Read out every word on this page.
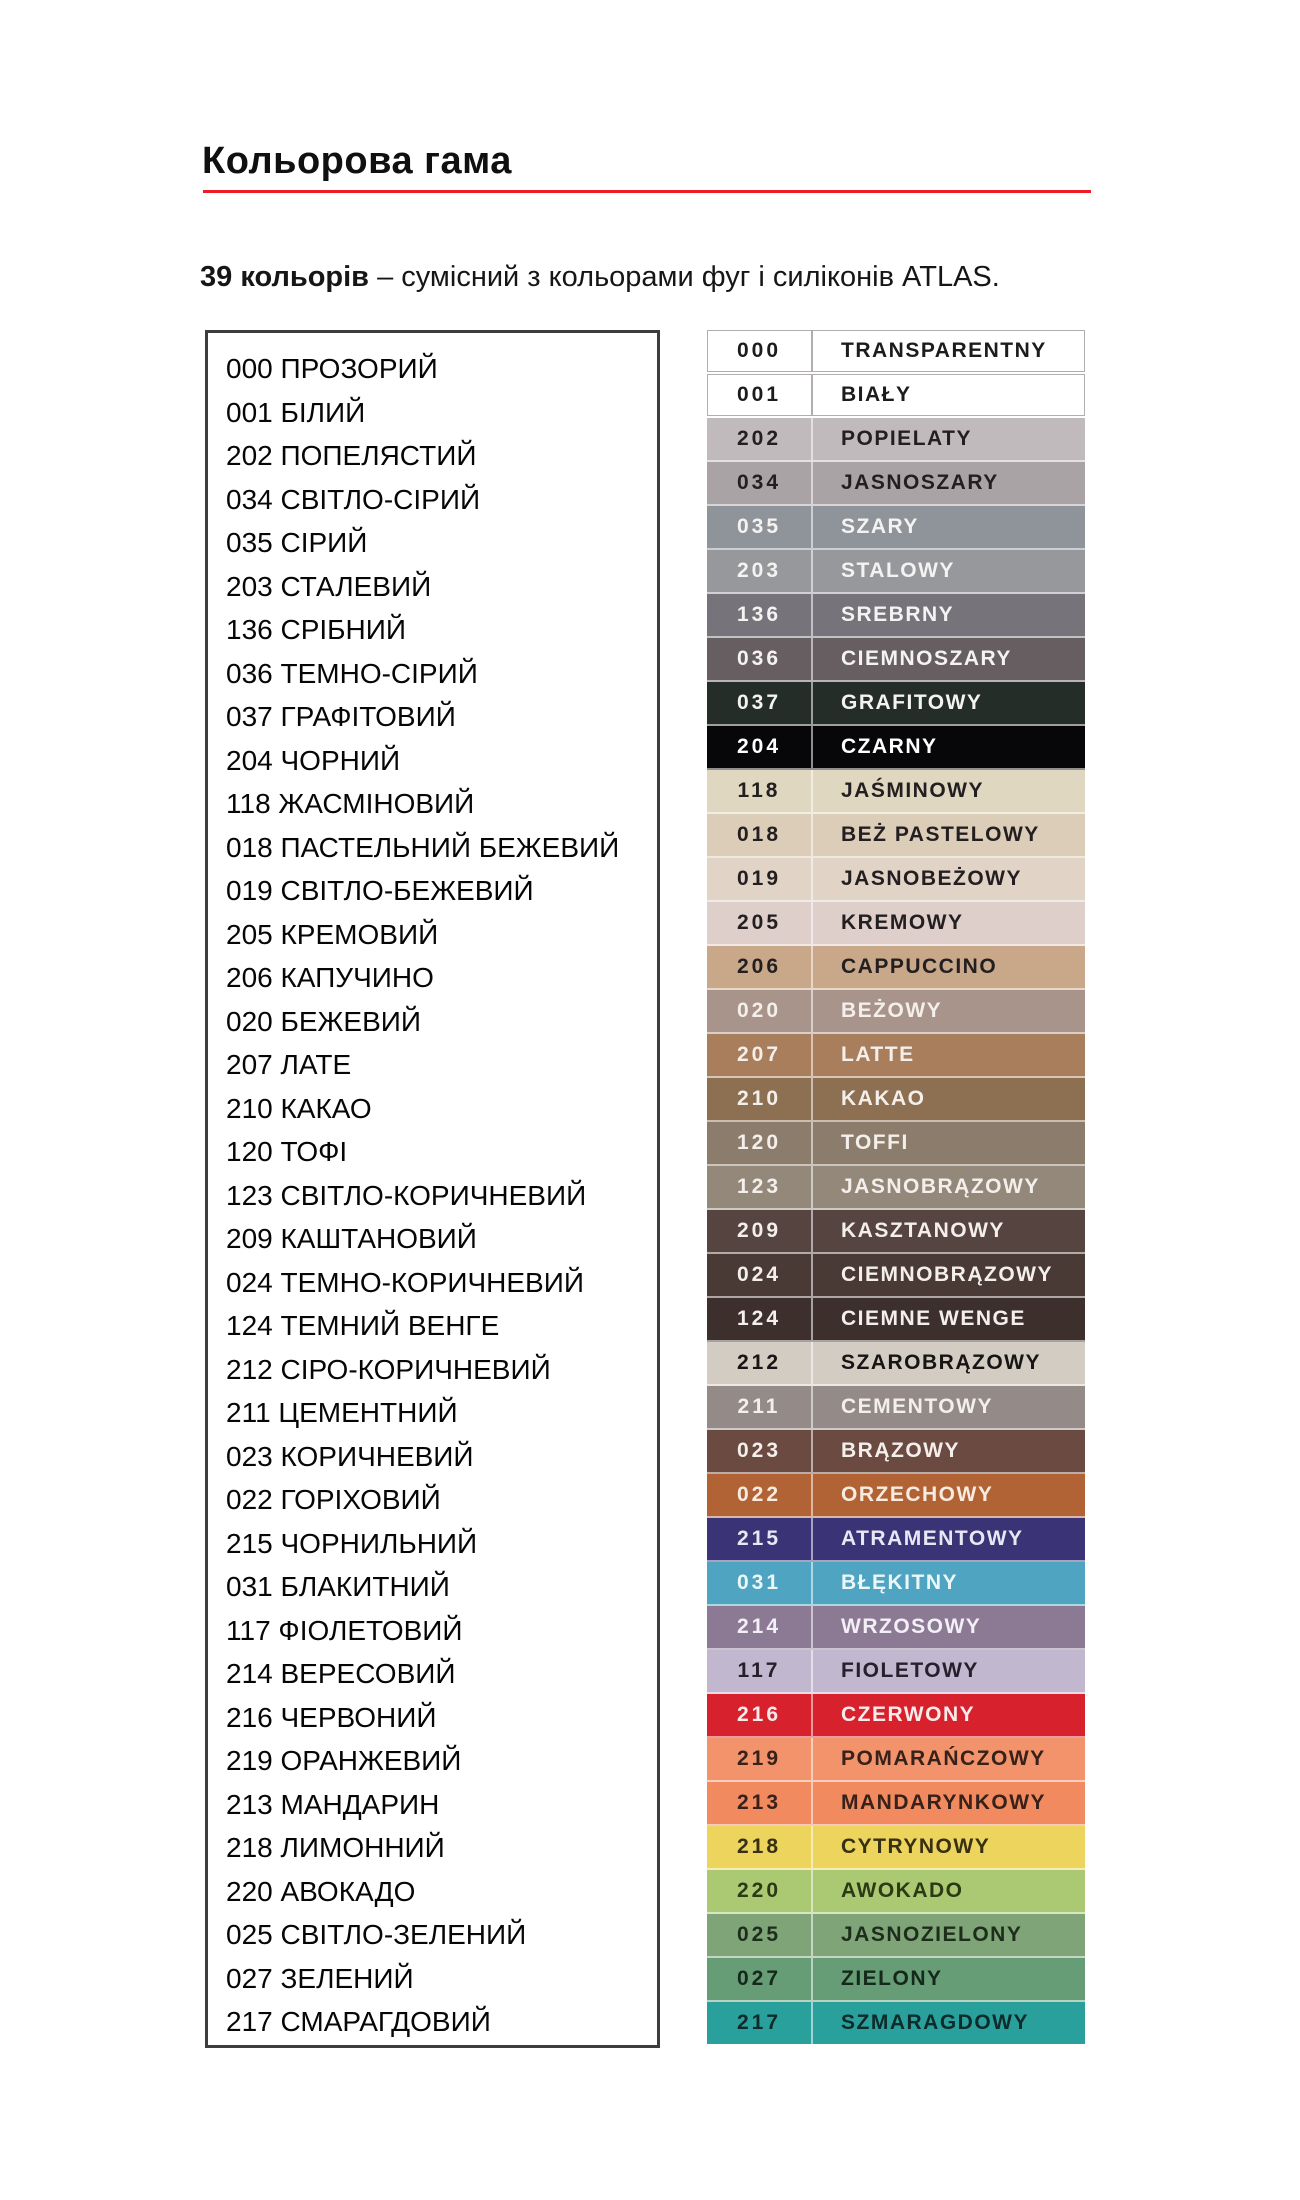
Кольорова гама

39 кольорів – сумісний з кольорами фуг і силіконів ATLAS.

000 ПРОЗОРИЙ
001 БІЛИЙ
202 ПОПЕЛЯСТИЙ
034 СВІТЛО-СІРИЙ
035 СІРИЙ
203 СТАЛЕВИЙ
136 СРІБНИЙ
036 ТЕМНО-СІРИЙ
037 ГРАФІТОВИЙ
204 ЧОРНИЙ
118 ЖАСМІНОВИЙ
018 ПАСТЕЛЬНИЙ БЕЖЕВИЙ
019 СВІТЛО-БЕЖЕВИЙ
205 КРЕМОВИЙ
206 КАПУЧИНО
020 БЕЖЕВИЙ
207 ЛАТЕ
210 КАКАО
120 ТОФІ
123 СВІТЛО-КОРИЧНЕВИЙ
209 КАШТАНОВИЙ
024 ТЕМНО-КОРИЧНЕВИЙ
124 ТЕМНИЙ ВЕНГЕ
212 СІРО-КОРИЧНЕВИЙ
211 ЦЕМЕНТНИЙ
023 КОРИЧНЕВИЙ
022 ГОРІХОВИЙ
215 ЧОРНИЛЬНИЙ
031 БЛАКИТНИЙ
117 ФІОЛЕТОВИЙ
214 ВЕРЕСОВИЙ
216 ЧЕРВОНИЙ
219 ОРАНЖЕВИЙ
213 МАНДАРИН
218 ЛИМОННИЙ
220 АВОКАДО
025 СВІТЛО-ЗЕЛЕНИЙ
027 ЗЕЛЕНИЙ
217 СМАРАГДОВИЙ
000	TRANSPARENTNY
001	BIAŁY
202	POPIELATY
034	JASNOSZARY
035	SZARY
203	STALOWY
136	SREBRNY
036	CIEMNOSZARY
037	GRAFITOWY
204	CZARNY
118	JAŚMINOWY
018	BEŻ PASTELOWY
019	JASNOBEŻOWY
205	KREMOWY
206	CAPPUCCINO
020	BEŻOWY
207	LATTE
210	KAKAO
120	TOFFI
123	JASNOBRĄZOWY
209	KASZTANOWY
024	CIEMNOBRĄZOWY
124	CIEMNE WENGE
212	SZAROBRĄZOWY
211	CEMENTOWY
023	BRĄZOWY
022	ORZECHOWY
215	ATRAMENTOWY
031	BŁĘKITNY
214	WRZOSOWY
117	FIOLETOWY
216	CZERWONY
219	POMARAŃCZOWY
213	MANDARYNKOWY
218	CYTRYNOWY
220	AWOKADO
025	JASNOZIELONY
027	ZIELONY
217	SZMARAGDOWY
